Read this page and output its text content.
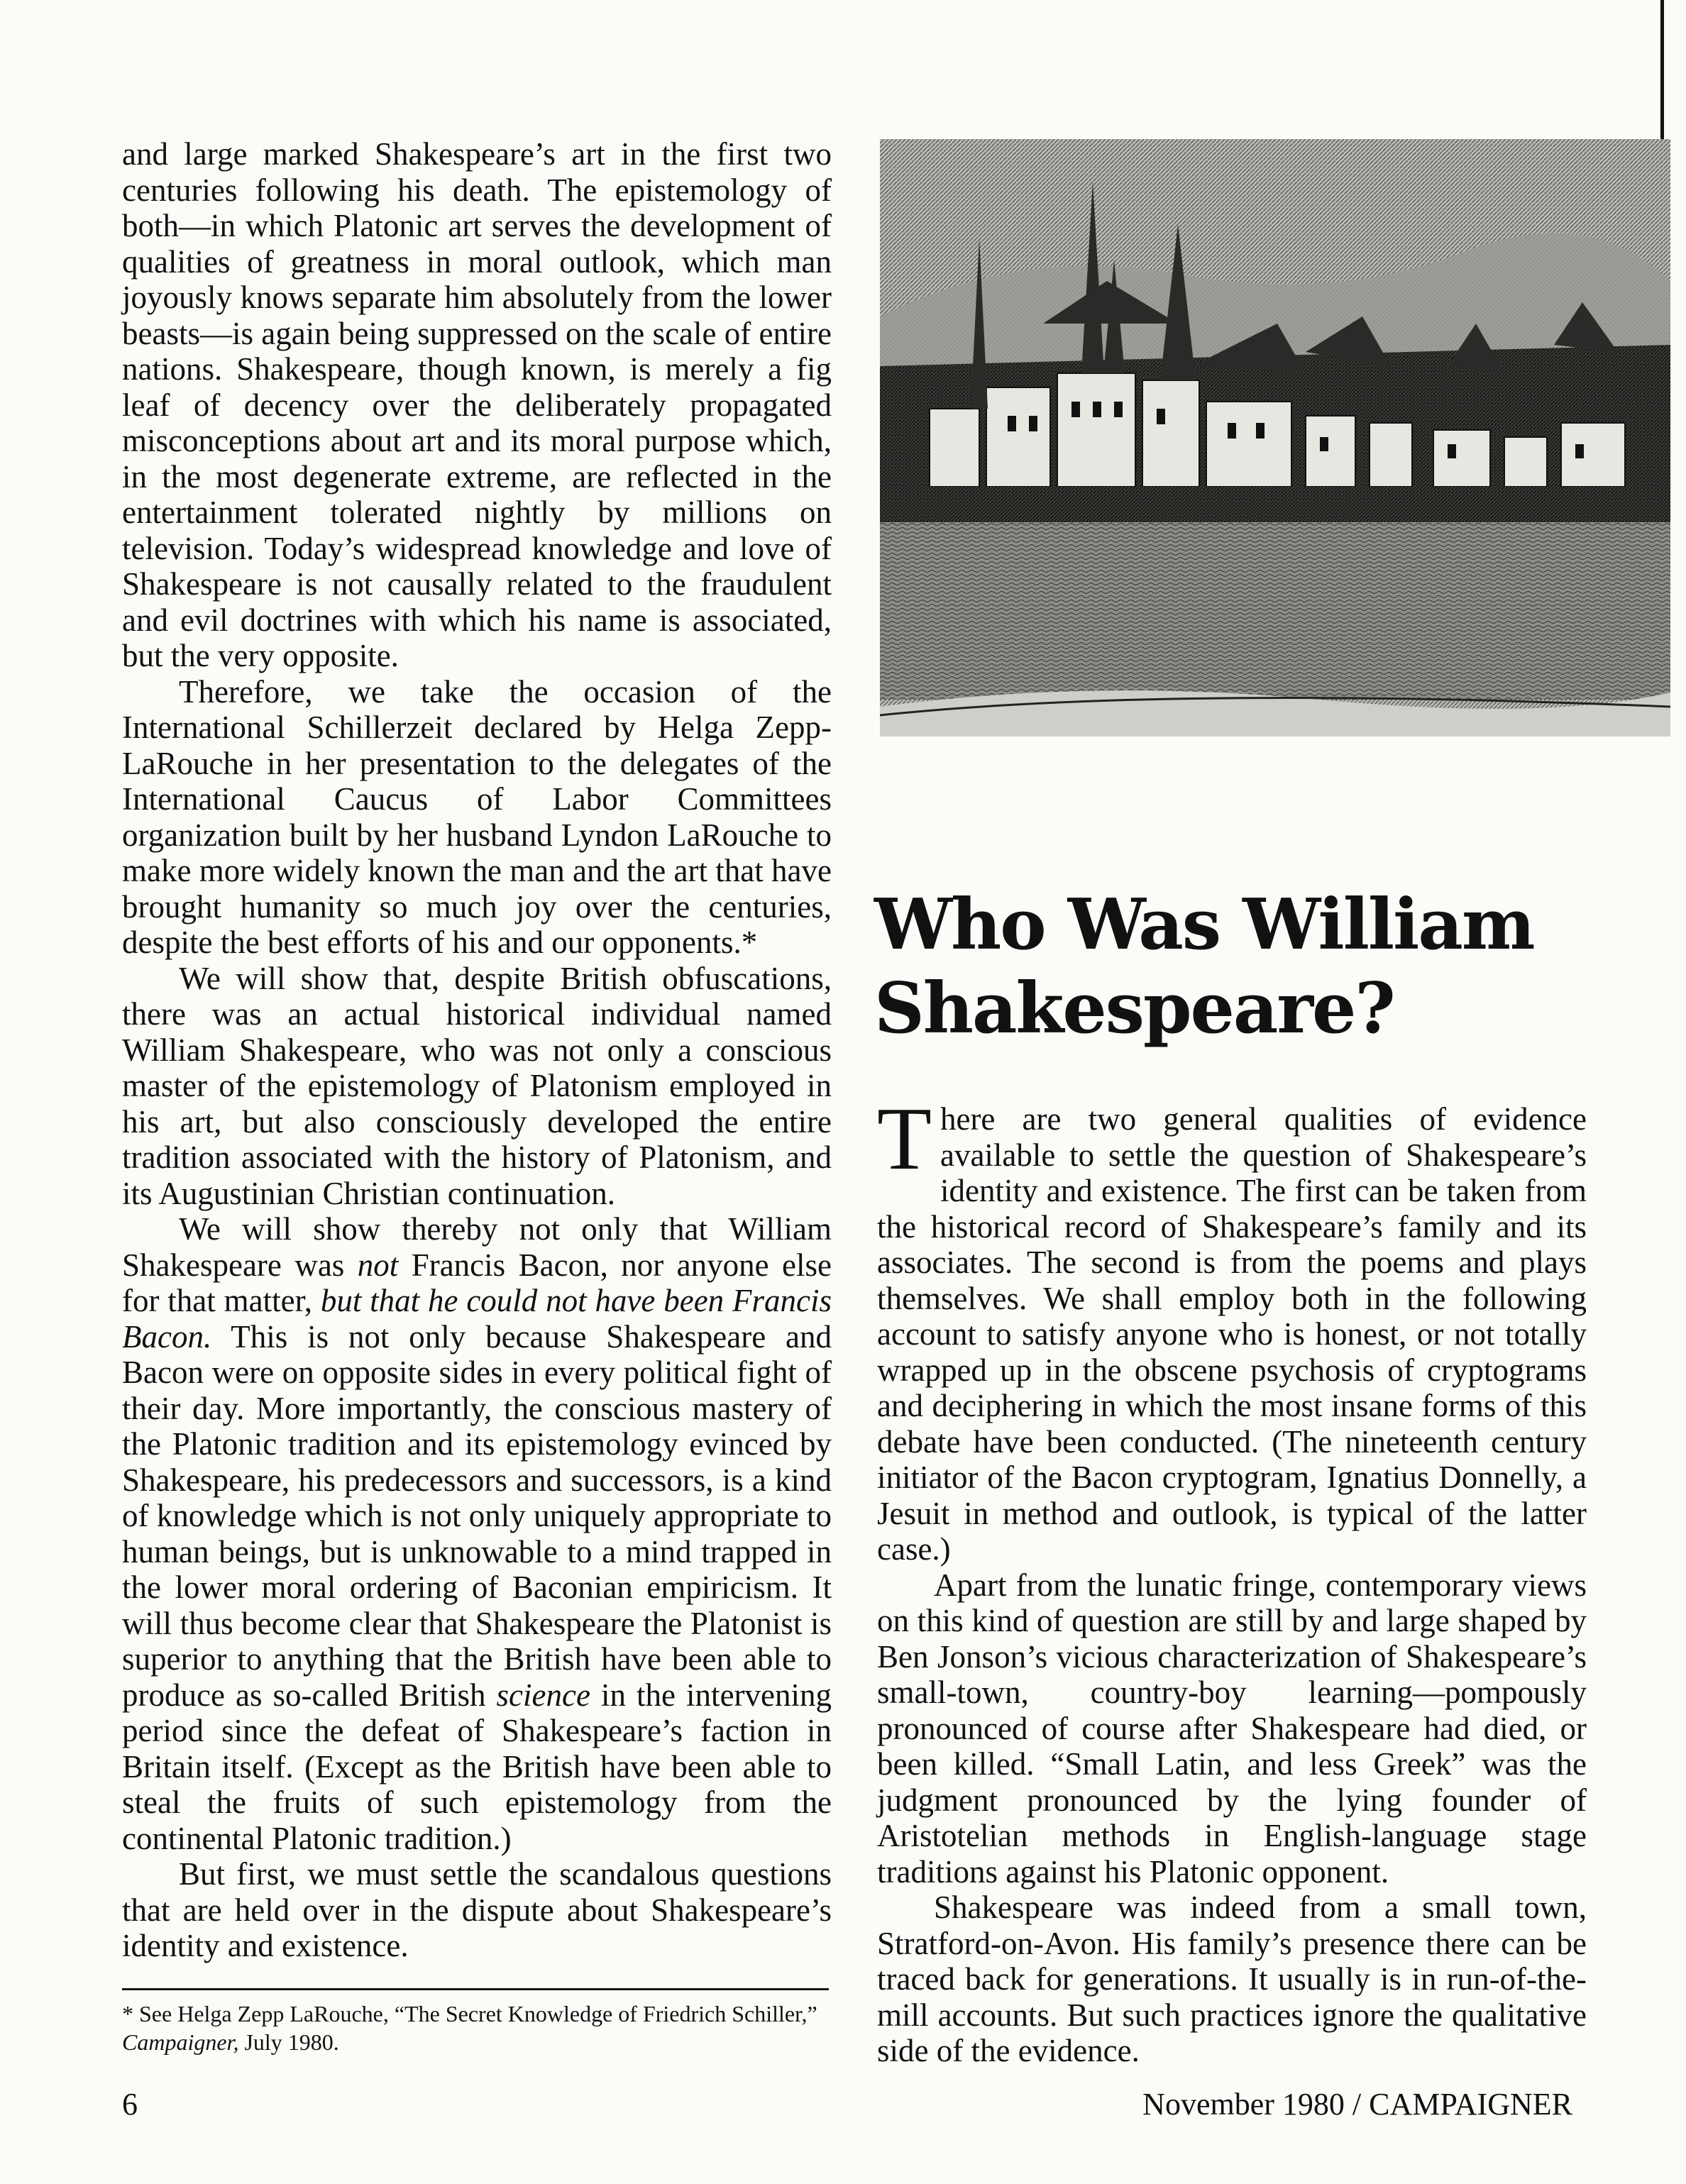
and large marked Shakespeare’s art in the first two centuries following his death. The epistemology of both—in which Platonic art serves the development of qualities of greatness in moral outlook, which man joyously knows separate him absolutely from the lower beasts—is again being suppressed on the scale of entire nations. Shakespeare, though known, is merely a fig leaf of decency over the deliberately propagated misconceptions about art and its moral purpose which, in the most degenerate extreme, are reflected in the entertainment tolerated nightly by millions on television. Today’s widespread knowledge and love of Shakespeare is not causally related to the fraudulent and evil doctrines with which his name is associated, but the very opposite.

Therefore, we take the occasion of the International Schillerzeit declared by Helga Zepp-LaRouche in her presentation to the delegates of the International Caucus of Labor Committees organization built by her husband Lyndon LaRouche to make more widely known the man and the art that have brought humanity so much joy over the centuries, despite the best efforts of his and our opponents.*

We will show that, despite British obfuscations, there was an actual historical individual named William Shakespeare, who was not only a conscious master of the epistemology of Platonism employed in his art, but also consciously developed the entire tradition associated with the history of Platonism, and its Augustinian Christian continuation.

We will show thereby not only that William Shakespeare was not Francis Bacon, nor anyone else for that matter, but that he could not have been Francis Bacon. This is not only because Shakespeare and Bacon were on opposite sides in every political fight of their day. More importantly, the conscious mastery of the Platonic tradition and its epistemology evinced by Shakespeare, his predecessors and successors, is a kind of knowledge which is not only uniquely appropriate to human beings, but is unknowable to a mind trapped in the lower moral ordering of Baconian empiricism. It will thus become clear that Shakespeare the Platonist is superior to anything that the British have been able to produce as so-called British science in the intervening period since the defeat of Shakespeare’s faction in Britain itself. (Except as the British have been able to steal the fruits of such epistemology from the continental Platonic tradition.)

But first, we must settle the scandalous questions that are held over in the dispute about Shakespeare’s identity and existence.

* See Helga Zepp LaRouche, “The Secret Knowledge of Friedrich Schiller,” Campaigner, July 1980.
Who Was William Shakespeare?

There are two general qualities of evidence available to settle the question of Shakespeare’s identity and existence. The first can be taken from the historical record of Shakespeare’s family and its associates. The second is from the poems and plays themselves. We shall employ both in the following account to satisfy anyone who is honest, or not totally wrapped up in the obscene psychosis of cryptograms and deciphering in which the most insane forms of this debate have been conducted. (The nineteenth century initiator of the Bacon cryptogram, Ignatius Donnelly, a Jesuit in method and outlook, is typical of the latter case.)

Apart from the lunatic fringe, contemporary views on this kind of question are still by and large shaped by Ben Jonson’s vicious characterization of Shakespeare’s small-town, country-boy learning—pompously pronounced of course after Shakespeare had died, or been killed. “Small Latin, and less Greek” was the judgment pronounced by the lying founder of Aristotelian methods in English-language stage traditions against his Platonic opponent.

Shakespeare was indeed from a small town, Stratford-on-Avon. His family’s presence there can be traced back for generations. It usually is in run-of-the-mill accounts. But such practices ignore the qualitative side of the evidence.

6	November 1980 / CAMPAIGNER
